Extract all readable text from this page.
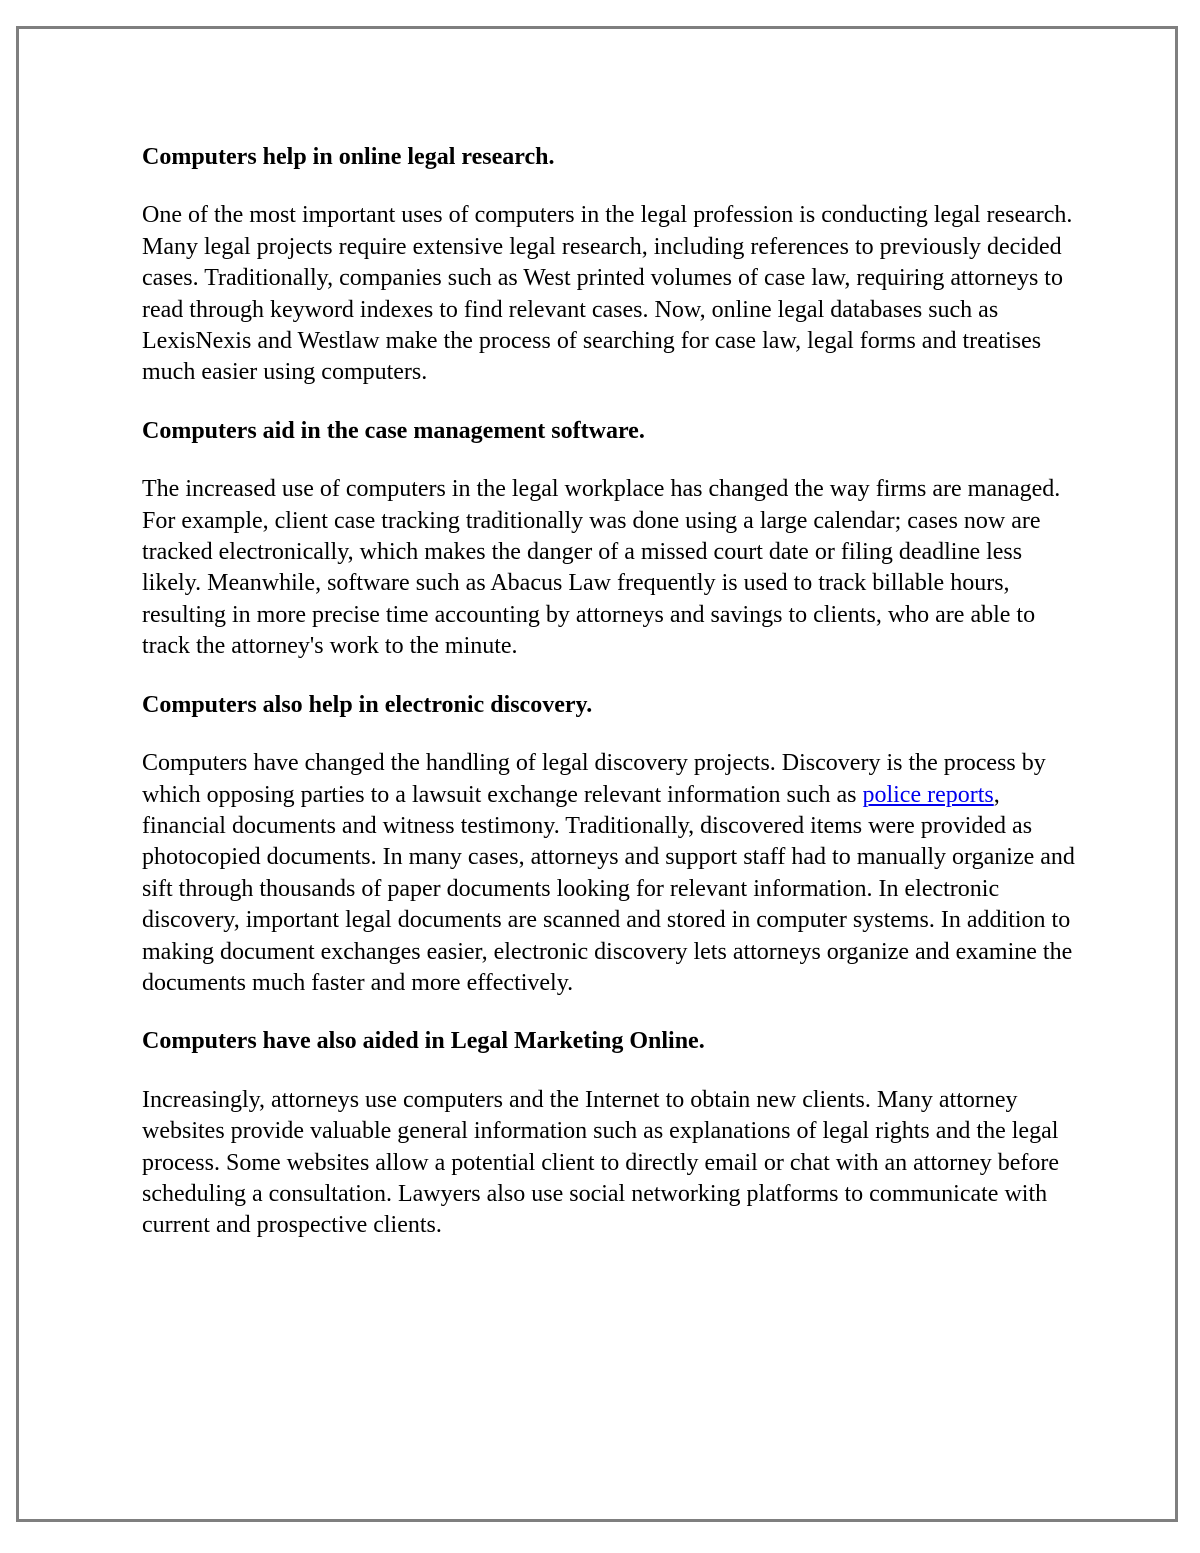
Computers help in online legal research.

One of the most important uses of computers in the legal profession is conducting legal research. Many legal projects require extensive legal research, including references to previously decided cases. Traditionally, companies such as West printed volumes of case law, requiring attorneys to read through keyword indexes to find relevant cases. Now, online legal databases such as LexisNexis and Westlaw make the process of searching for case law, legal forms and treatises much easier using computers.

Computers aid in the case management software.

The increased use of computers in the legal workplace has changed the way firms are managed. For example, client case tracking traditionally was done using a large calendar; cases now are tracked electronically, which makes the danger of a missed court date or filing deadline less likely. Meanwhile, software such as Abacus Law frequently is used to track billable hours, resulting in more precise time accounting by attorneys and savings to clients, who are able to track the attorney's work to the minute.

Computers also help in electronic discovery.

Computers have changed the handling of legal discovery projects. Discovery is the process by which opposing parties to a lawsuit exchange relevant information such as police reports, financial documents and witness testimony. Traditionally, discovered items were provided as photocopied documents. In many cases, attorneys and support staff had to manually organize and sift through thousands of paper documents looking for relevant information. In electronic discovery, important legal documents are scanned and stored in computer systems. In addition to making document exchanges easier, electronic discovery lets attorneys organize and examine the documents much faster and more effectively.

Computers have also aided in Legal Marketing Online.

Increasingly, attorneys use computers and the Internet to obtain new clients. Many attorney websites provide valuable general information such as explanations of legal rights and the legal process. Some websites allow a potential client to directly email or chat with an attorney before scheduling a consultation. Lawyers also use social networking platforms to communicate with current and prospective clients.
